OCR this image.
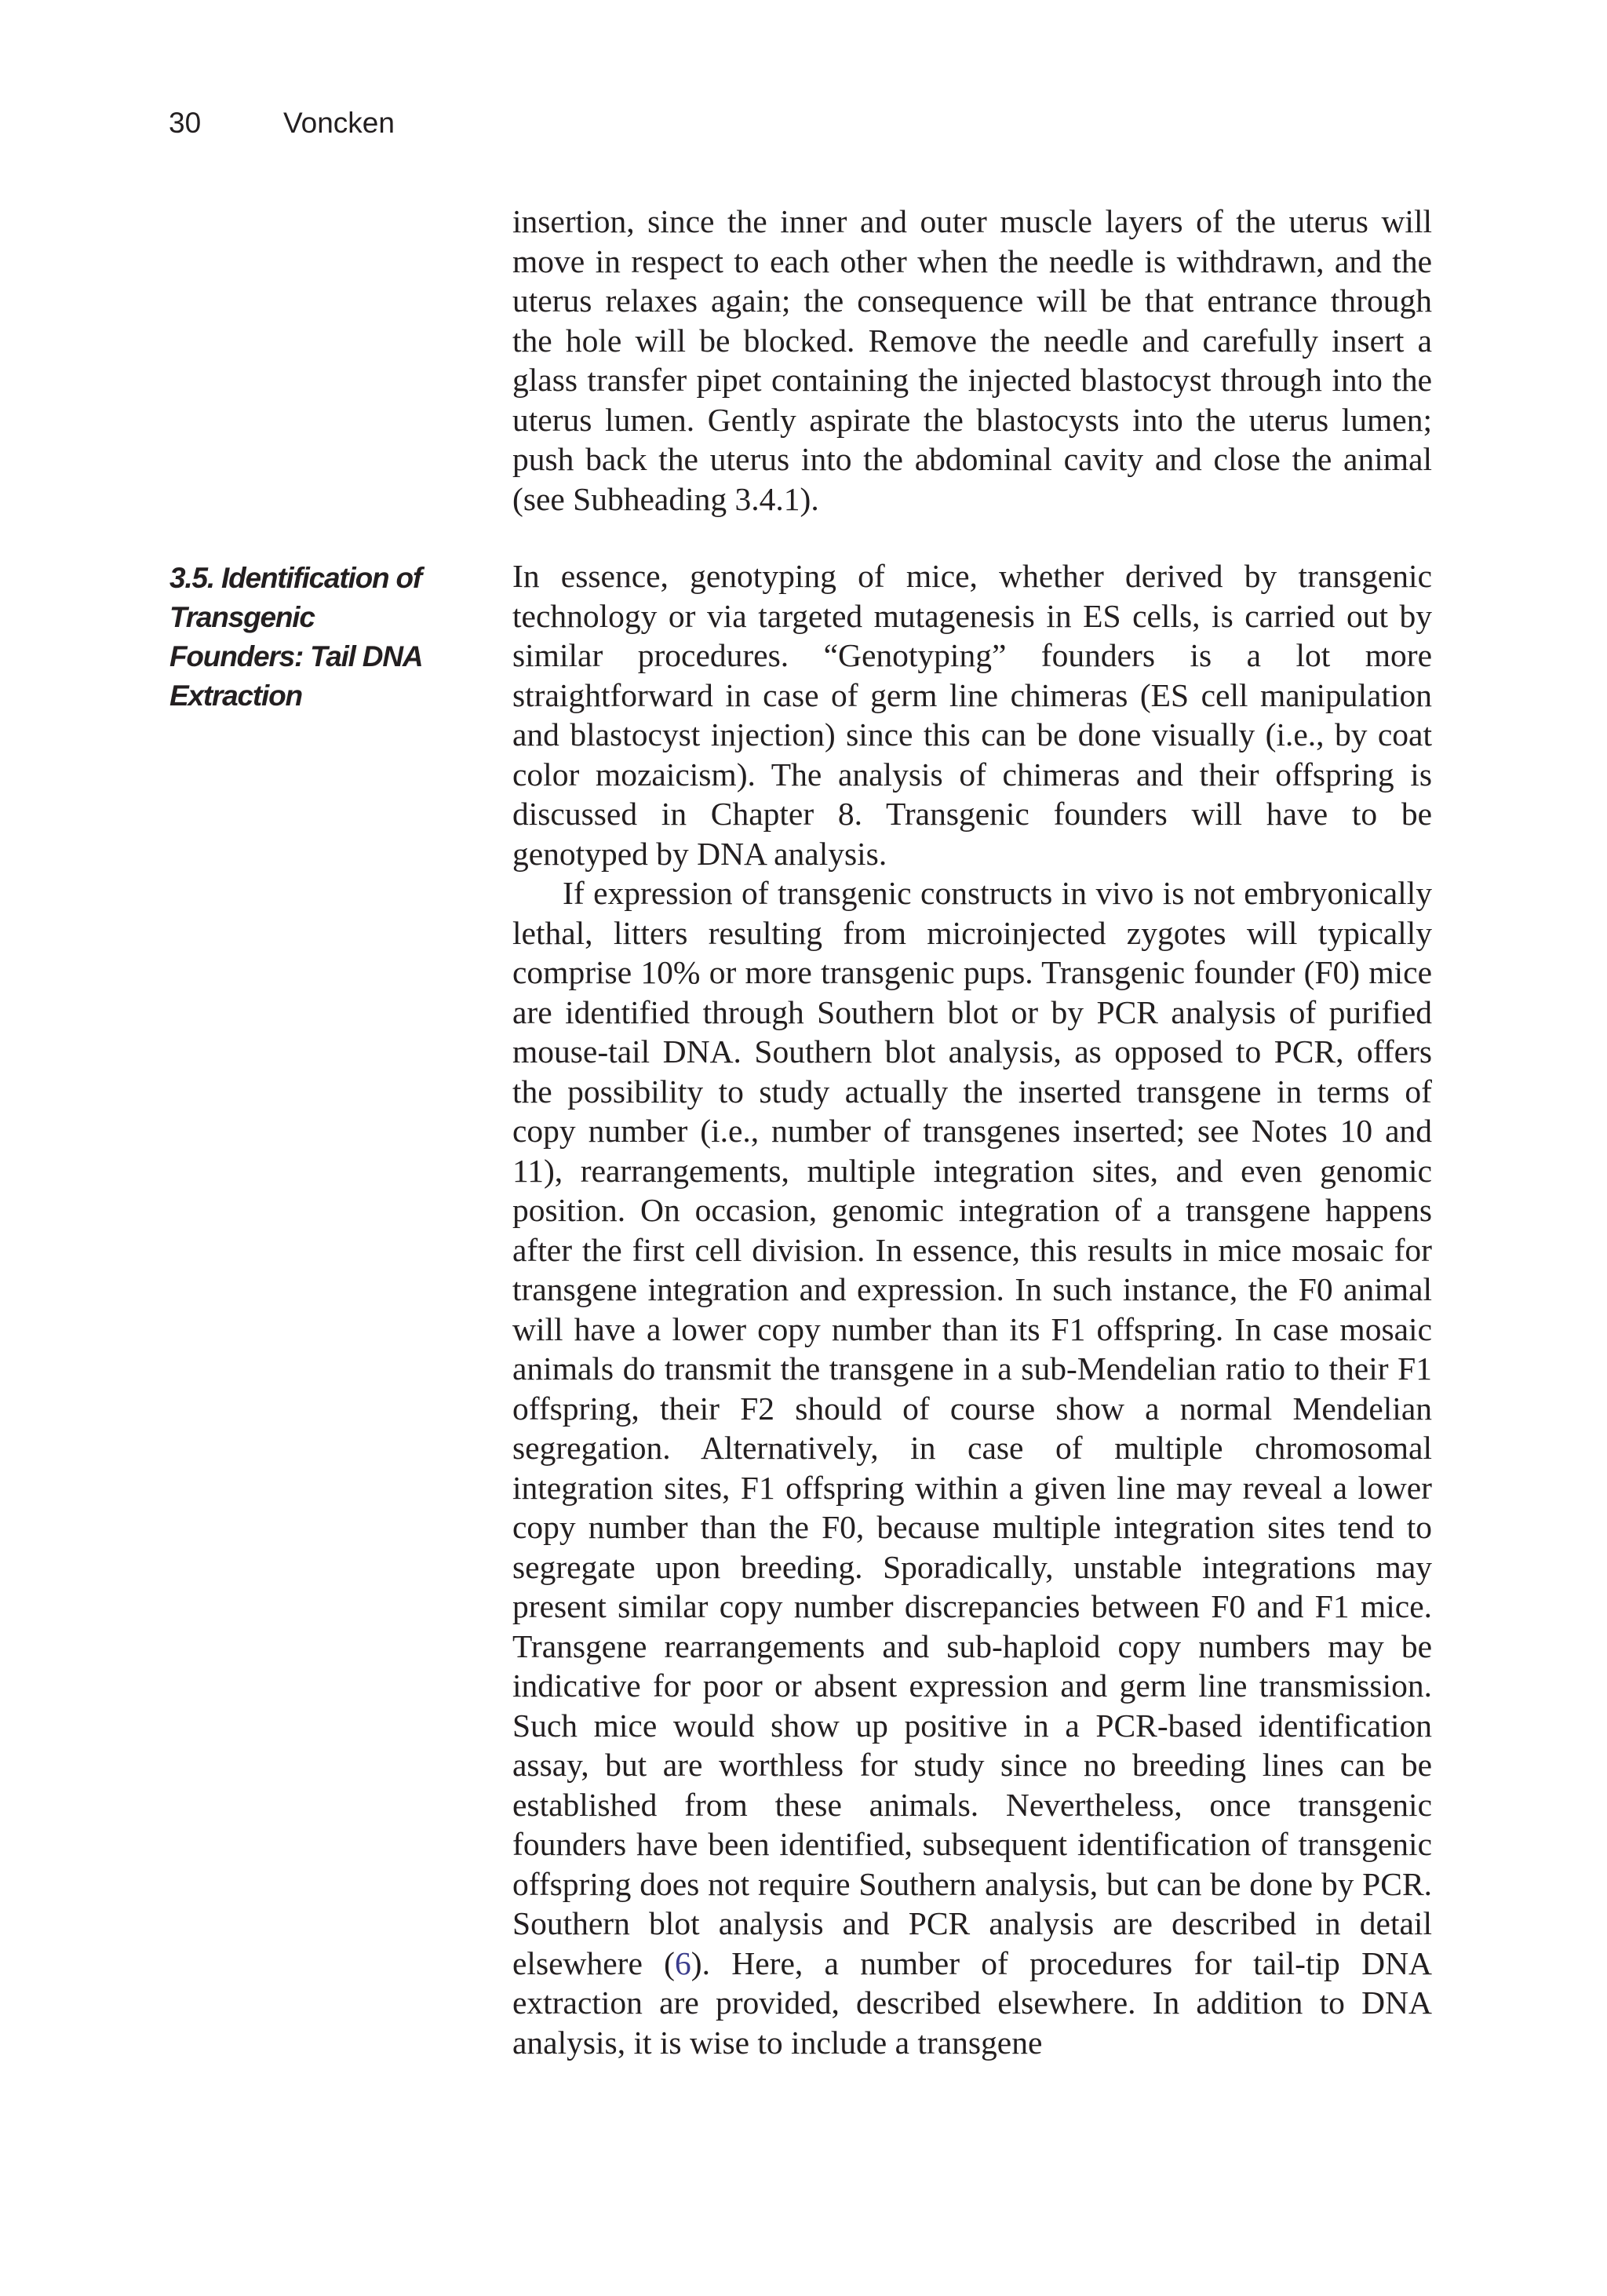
30	Voncken

insertion, since the inner and outer muscle layers of the uterus will move in respect to each other when the needle is withdrawn, and the uterus relaxes again; the consequence will be that entrance through the hole will be blocked. Remove the needle and carefully insert a glass transfer pipet containing the injected blastocyst through into the uterus lumen. Gently aspirate the blastocysts into the uterus lumen; push back the uterus into the abdominal cavity and close the animal (see Subheading 3.4.1).

3.5. Identification of Transgenic Founders: Tail DNA Extraction

In essence, genotyping of mice, whether derived by transgenic technology or via targeted mutagenesis in ES cells, is carried out by similar procedures. “Genotyping” founders is a lot more straightforward in case of germ line chimeras (ES cell manipulation and blastocyst injection) since this can be done visually (i.e., by coat color mozaicism). The analysis of chimeras and their offspring is discussed in Chapter 8. Transgenic founders will have to be genotyped by DNA analysis.

If expression of transgenic constructs in vivo is not embryonically lethal, litters resulting from microinjected zygotes will typically comprise 10% or more transgenic pups. Transgenic founder (F0) mice are identified through Southern blot or by PCR analysis of purified mouse-tail DNA. Southern blot analysis, as opposed to PCR, offers the possibility to study actually the inserted transgene in terms of copy number (i.e., number of transgenes inserted; see Notes 10 and 11), rearrangements, multiple integration sites, and even genomic position. On occasion, genomic integration of a transgene happens after the first cell division. In essence, this results in mice mosaic for transgene integration and expression. In such instance, the F0 animal will have a lower copy number than its F1 offspring. In case mosaic animals do transmit the transgene in a sub-Mendelian ratio to their F1 offspring, their F2 should of course show a normal Mendelian segregation. Alternatively, in case of multiple chromosomal integration sites, F1 offspring within a given line may reveal a lower copy number than the F0, because multiple integration sites tend to segregate upon breeding. Sporadically, unstable integrations may present similar copy number discrepancies between F0 and F1 mice. Transgene rearrangements and sub-haploid copy numbers may be indicative for poor or absent expression and germ line transmission. Such mice would show up positive in a PCR-based identification assay, but are worthless for study since no breeding lines can be established from these animals. Nevertheless, once transgenic founders have been identified, subsequent identification of transgenic offspring does not require Southern analysis, but can be done by PCR. Southern blot analysis and PCR analysis are described in detail elsewhere (6). Here, a number of procedures for tail-tip DNA extraction are provided, described elsewhere. In addition to DNA analysis, it is wise to include a transgene
